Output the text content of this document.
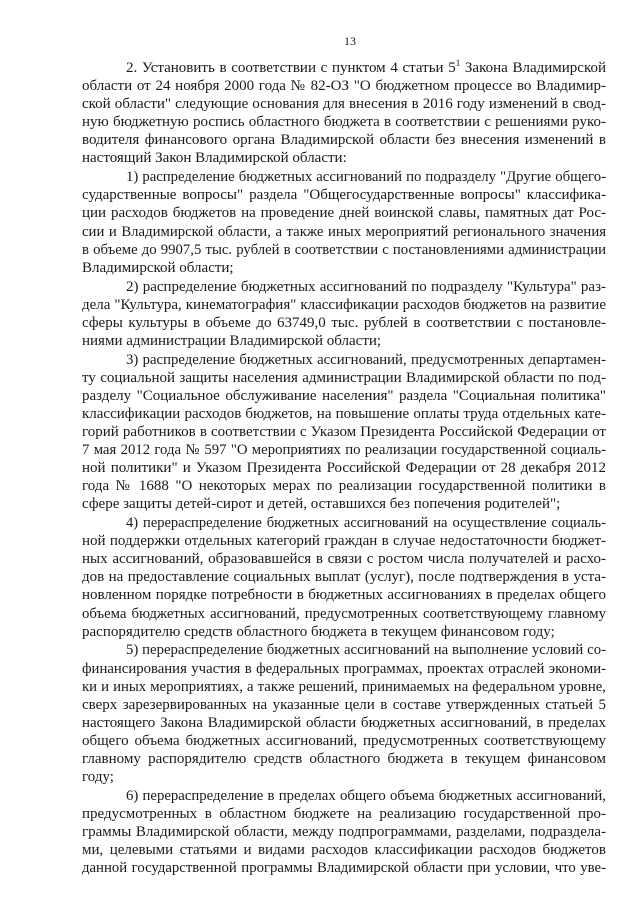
13
2. Установить в соответствии с пунктом 4 статьи $5^1$ Закона Владимирской
области от 24 ноября 2000 года № 82-ОЗ "О бюджетном процессе во Владимир-
ской области" следующие основания для внесения в 2016 году изменений в свод-
ную бюджетную роспись областного бюджета в соответствии с решениями руко-
водителя финансового органа Владимирской области без внесения изменений в
настоящий Закон Владимирской области:
1) распределение бюджетных ассигнований по подразделу "Другие общего-
сударственные вопросы" раздела "Общегосударственные вопросы" классифика-
ции расходов бюджетов на проведение дней воинской славы, памятных дат Рос-
сии и Владимирской области, а также иных мероприятий регионального значения
в объеме до 9907,5 тыс. рублей в соответствии с постановлениями администрации
Владимирской области;
2) распределение бюджетных ассигнований по подразделу "Культура" раз-
дела "Культура, кинематография" классификации расходов бюджетов на развитие
сферы культуры в объеме до 63749,0 тыс. рублей в соответствии с постановле-
ниями администрации Владимирской области;
3) распределение бюджетных ассигнований, предусмотренных департамен-
ту социальной защиты населения администрации Владимирской области по под-
разделу "Социальное обслуживание населения" раздела "Социальная политика"
классификации расходов бюджетов, на повышение оплаты труда отдельных кате-
горий работников в соответствии с Указом Президента Российской Федерации от
7 мая 2012 года № 597 "О мероприятиях по реализации государственной социаль-
ной политики" и Указом Президента Российской Федерации от 28 декабря 2012
года № 1688 "О некоторых мерах по реализации государственной политики в
сфере защиты детей-сирот и детей, оставшихся без попечения родителей";
4) перераспределение бюджетных ассигнований на осуществление социаль-
ной поддержки отдельных категорий граждан в случае недостаточности бюджет-
ных ассигнований, образовавшейся в связи с ростом числа получателей и расхо-
дов на предоставление социальных выплат (услуг), после подтверждения в уста-
новленном порядке потребности в бюджетных ассигнованиях в пределах общего
объема бюджетных ассигнований, предусмотренных соответствующему главному
распорядителю средств областного бюджета в текущем финансовом году;
5) перераспределение бюджетных ассигнований на выполнение условий со-
финансирования участия в федеральных программах, проектах отраслей экономи-
ки и иных мероприятиях, а также решений, принимаемых на федеральном уровне,
сверх зарезервированных на указанные цели в составе утвержденных статьей 5
настоящего Закона Владимирской области бюджетных ассигнований, в пределах
общего объема бюджетных ассигнований, предусмотренных соответствующему
главному распорядителю средств областного бюджета в текущем финансовом
году;
6) перераспределение в пределах общего объема бюджетных ассигнований,
предусмотренных в областном бюджете на реализацию государственной про-
граммы Владимирской области, между подпрограммами, разделами, подраздела-
ми, целевыми статьями и видами расходов классификации расходов бюджетов
данной государственной программы Владимирской области при условии, что уве-
